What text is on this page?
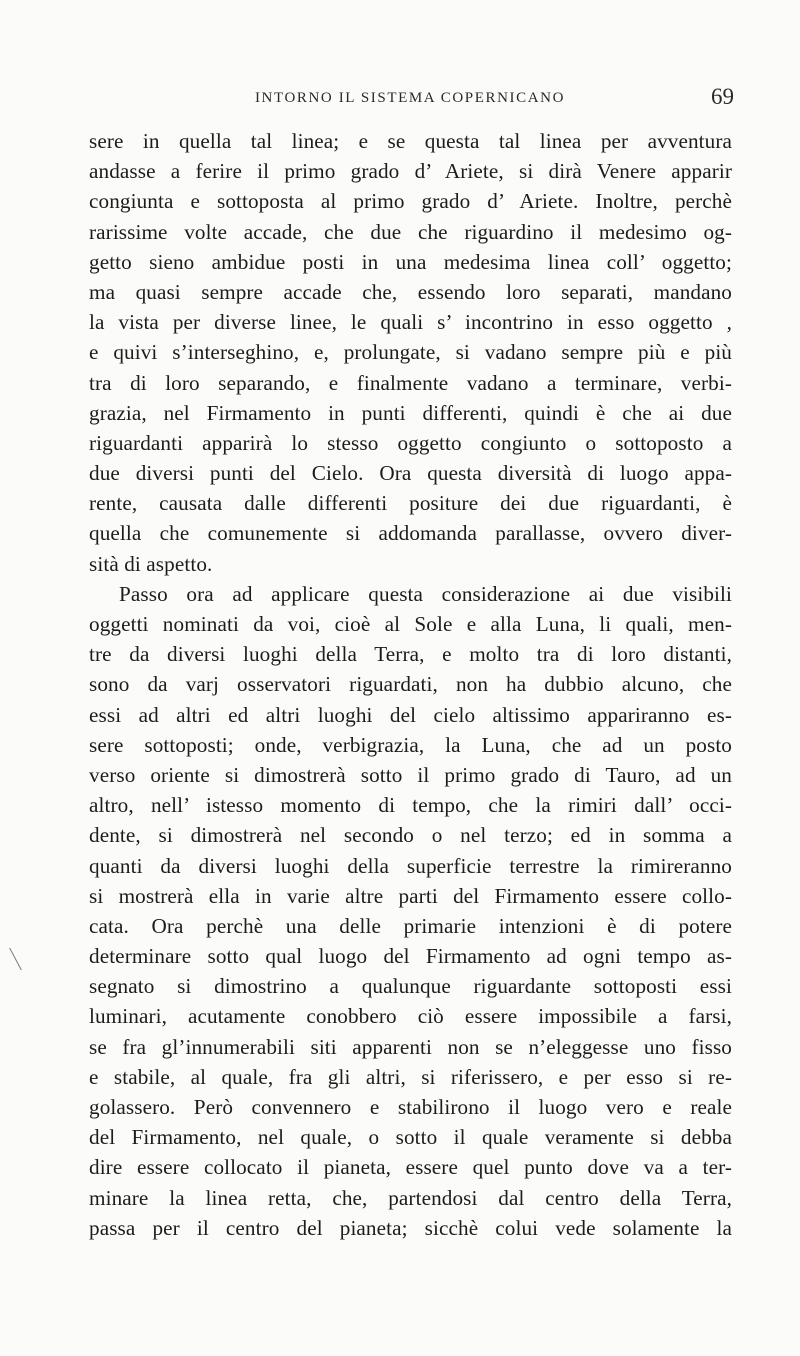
INTORNO IL SISTEMA COPERNICANO	69
sere in quella tal linea; e se questa tal linea per avventura
andasse a ferire il primo grado d’ Ariete, si dirà Venere apparir
congiunta e sottoposta al primo grado d’ Ariete. Inoltre, perchè
rarissime volte accade, che due che riguardino il medesimo og-
getto sieno ambidue posti in una medesima linea coll’ oggetto;
ma quasi sempre accade che, essendo loro separati, mandano
la vista per diverse linee, le quali s’ incontrino in esso oggetto ,
e quivi s’interseghino, e, prolungate, si vadano sempre più e più
tra di loro separando, e finalmente vadano a terminare, verbi-
grazia, nel Firmamento in punti differenti, quindi è che ai due
riguardanti apparirà lo stesso oggetto congiunto o sottoposto a
due diversi punti del Cielo. Ora questa diversità di luogo appa-
rente, causata dalle differenti positure dei due riguardanti, è
quella che comunemente si addomanda parallasse, ovvero diver-
sità di aspetto.
Passo ora ad applicare questa considerazione ai due visibili
oggetti nominati da voi, cioè al Sole e alla Luna, li quali, men-
tre da diversi luoghi della Terra, e molto tra di loro distanti,
sono da varj osservatori riguardati, non ha dubbio alcuno, che
essi ad altri ed altri luoghi del cielo altissimo appariranno es-
sere sottoposti; onde, verbigrazia, la Luna, che ad un posto
verso oriente si dimostrerà sotto il primo grado di Tauro, ad un
altro, nell’ istesso momento di tempo, che la rimiri dall’ occi-
dente, si dimostrerà nel secondo o nel terzo; ed in somma a
quanti da diversi luoghi della superficie terrestre la rimireranno
si mostrerà ella in varie altre parti del Firmamento essere collo-
cata. Ora perchè una delle primarie intenzioni è di potere
determinare sotto qual luogo del Firmamento ad ogni tempo as-
segnato si dimostrino a qualunque riguardante sottoposti essi
luminari, acutamente conobbero ciò essere impossibile a farsi,
se fra gl’innumerabili siti apparenti non se n’eleggesse uno fisso
e stabile, al quale, fra gli altri, si riferissero, e per esso si re-
golassero. Però convennero e stabilirono il luogo vero e reale
del Firmamento, nel quale, o sotto il quale veramente si debba
dire essere collocato il pianeta, essere quel punto dove va a ter-
minare la linea retta, che, partendosi dal centro della Terra,
passa per il centro del pianeta; sicchè colui vede solamente la
